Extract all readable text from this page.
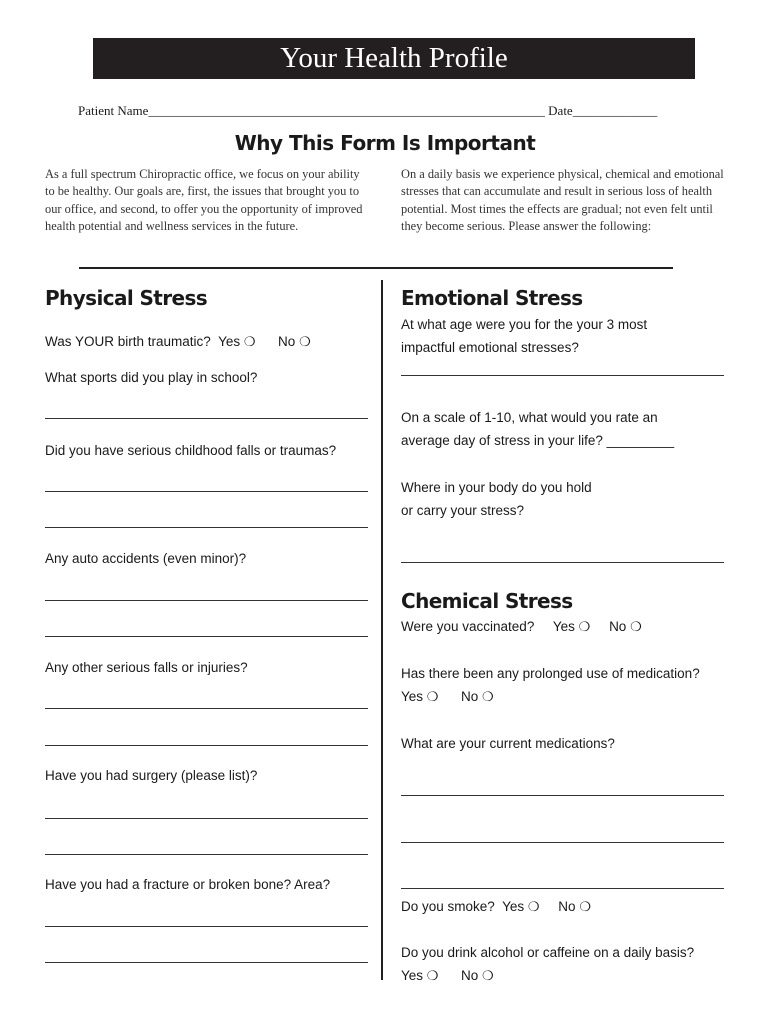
Your Health Profile
Patient Name_____________________________________________________________ Date_____________
Why This Form Is Important
As a full spectrum Chiropractic office, we focus on your ability to be healthy. Our goals are, first, the issues that brought you to our office, and second, to offer you the opportunity of improved health potential and wellness services in the future.
On a daily basis we experience physical, chemical and emotional stresses that can accumulate and result in serious loss of health potential. Most times the effects are gradual; not even felt until they become serious. Please answer the following:
Physical Stress
Was YOUR birth traumatic? Yes ❍ No ❍
What sports did you play in school?
Did you have serious childhood falls or traumas?
Any auto accidents (even minor)?
Any other serious falls or injuries?
Have you had surgery (please list)?
Have you had a fracture or broken bone? Area?
Emotional Stress
At what age were you for the your 3 most
impactful emotional stresses?
On a scale of 1-10, what would you rate an
average day of stress in your life? _________
Where in your body do you hold
or carry your stress?
Chemical Stress
Were you vaccinated? Yes ❍ No ❍
Has there been any prolonged use of medication?
Yes ❍ No ❍
What are your current medications?
Do you smoke? Yes ❍ No ❍
Do you drink alcohol or caffeine on a daily basis?
Yes ❍ No ❍
